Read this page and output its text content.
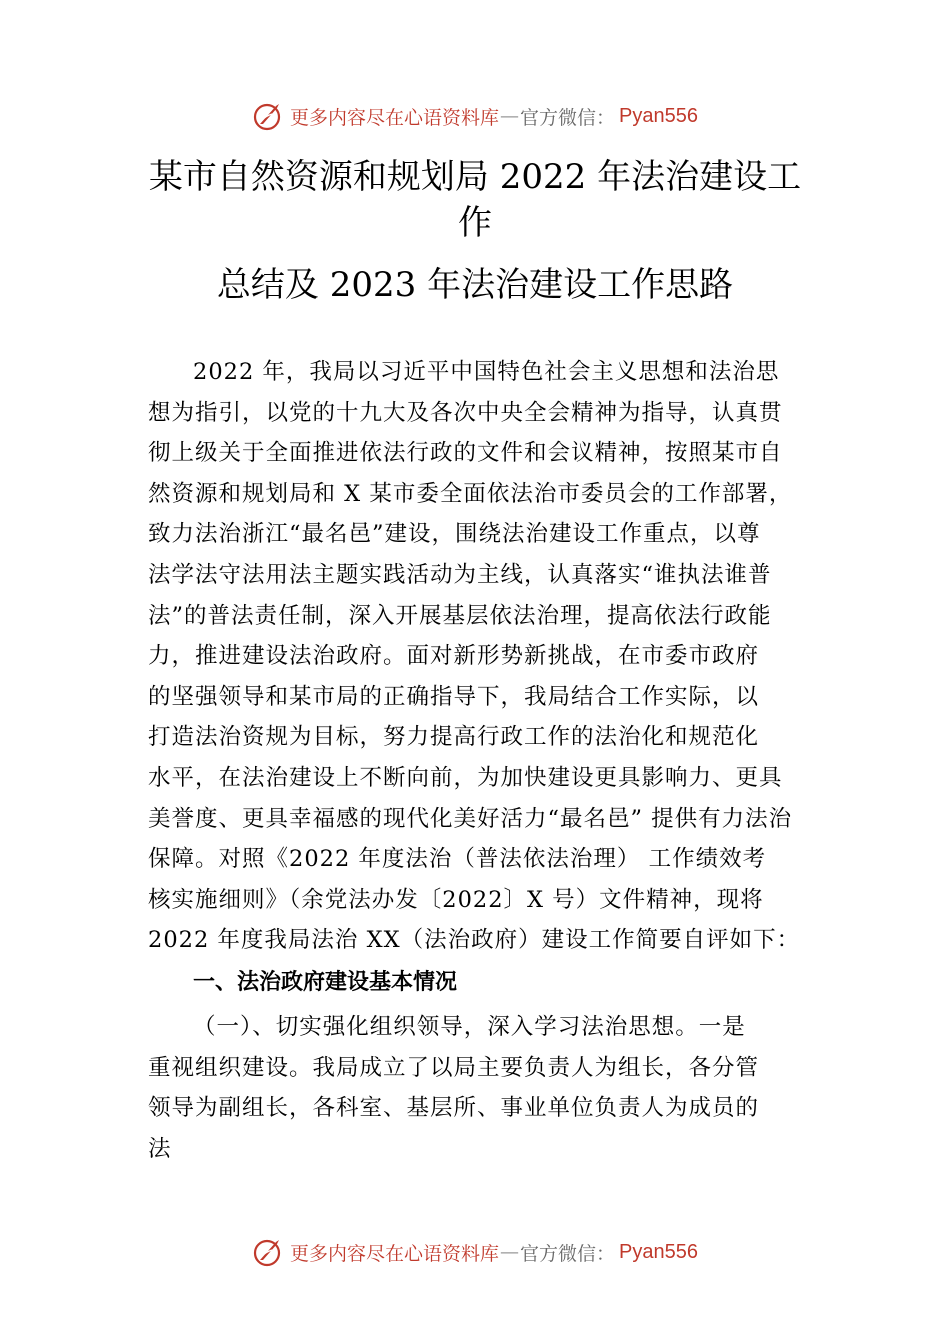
更多内容尽在心语资料库 — 官方微信 ： Pyan556
某市自然资源和规划局 2022 年法治建设工
作
总结及 2023 年法治建设工作思路
2022 年，我局以习近平中国特色社会主义思想和法治思
想为指引，以党的十九大及各次中央全会精神为指导，认真贯
彻上级关于全面推进依法行政的文件和会议精神，按照某市自
然资源和规划局和 X 某市委全面依法治市委员会的工作部署，
致力法治浙江“最名邑”建设，围绕法治建设工作重点，以尊
法学法守法用法主题实践活动为主线，认真落实“谁执法谁普
法”的普法责任制，深入开展基层依法治理，提高依法行政能
力，推进建设法治政府。面对新形势新挑战，在市委市政府
的坚强领导和某市局的正确指导下，我局结合工作实际，以
打造法治资规为目标，努力提高行政工作的法治化和规范化
水平，在法治建设上不断向前，为加快建设更具影响力、更具
美誉度、更具幸福感的现代化美好活力“最名邑” 提供有力法治
保障。对照《2022 年度法治（普法依法治理） 工作绩效考
核实施细则》（余党法办发〔2022〕X 号）文件精神，现将
2022 年度我局法治 XX（法治政府）建设工作简要自评如下：
一、法治政府建设基本情况
（一）、切实强化组织领导，深入学习法治思想。一是
重视组织建设。我局成立了以局主要负责人为组长，各分管
领导为副组长，各科室、基层所、事业单位负责人为成员的
法
更多内容尽在心语资料库 — 官方微信 ： Pyan556
